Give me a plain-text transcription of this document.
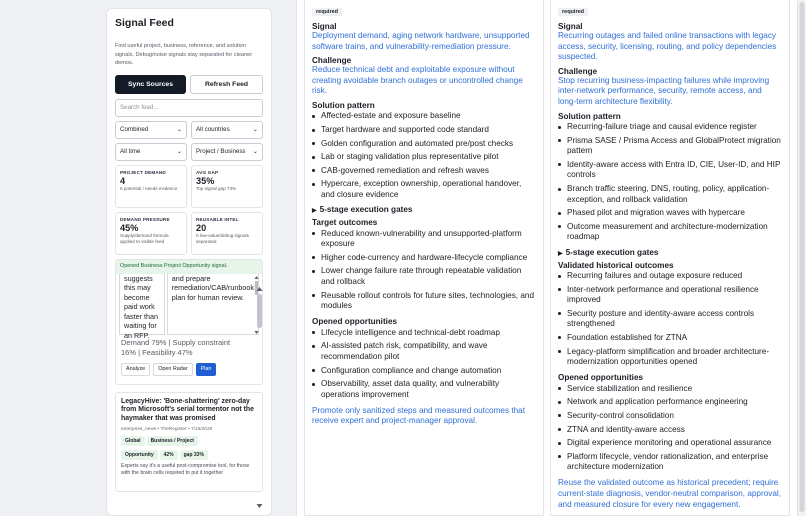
Signal Feed
Find useful project, business, reference, and solution signals. Debug/noise signals stay separated for cleaner demos.
Sync Sources	Refresh Feed
Search feed...
Combined	⌄ All countries	⌄
All time	⌄ Project / Business ⌄
PROJECT DEMAND
4
6 potential / needs evidence
AVG GAP
35%
Top signal gap 73%
DEMAND PRESSURE
45%
Supply/demand formula applied to visible feed
REUSABLE INTEL
20
0 low-value/debug signals separated
Opened Business Project Opportunity signal.
suggests this may become paid work faster than waiting for an RFP.
and prepare remediation/CAB/runbook plan for human review.
Demand 79% | Supply constraint
16% | Feasibility 47%
Analyze	Open Radar	Plan
LegacyHive: 'Bone-shattering' zero-day from Microsoft's serial tormentor not the haymaker that was promised
enterprise_news • TheRegister • 7/15/2026
Global	Business / Project
Opportunity	42%	gap 33%
Experts say it's a useful post-compromise tool, for those with the brain cells required to put it together
required
Signal
Deployment demand, aging network hardware, unsupported software trains, and vulnerability-remediation pressure.
Challenge
Reduce technical debt and exploitable exposure without creating avoidable branch outages or uncontrolled change risk.
Solution pattern
Affected-estate and exposure baseline
Target hardware and supported code standard
Golden configuration and automated pre/post checks
Lab or staging validation plus representative pilot
CAB-governed remediation and refresh waves
Hypercare, exception ownership, operational handover, and closure evidence
▶ 5-stage execution gates
Target outcomes
Reduced known-vulnerability and unsupported-platform exposure
Higher code-currency and hardware-lifecycle compliance
Lower change failure rate through repeatable validation and rollback
Reusable rollout controls for future sites, technologies, and modules
Opened opportunities
Lifecycle intelligence and technical-debt roadmap
AI-assisted patch risk, compatibility, and wave recommendation pilot
Configuration compliance and change automation
Observability, asset data quality, and vulnerability operations improvement
Promote only sanitized steps and measured outcomes that receive expert and project-manager approval.
required
Signal
Recurring outages and failed online transactions with legacy access, security, licensing, routing, and policy dependencies suspected.
Challenge
Stop recurring business-impacting failures while improving inter-network performance, security, remote access, and long-term architecture flexibility.
Solution pattern
Recurring-failure triage and causal evidence register
Prisma SASE / Prisma Access and GlobalProtect migration pattern
Identity-aware access with Entra ID, CIE, User-ID, and HIP controls
Branch traffic steering, DNS, routing, policy, application-exception, and rollback validation
Phased pilot and migration waves with hypercare
Outcome measurement and architecture-modernization roadmap
▶ 5-stage execution gates
Validated historical outcomes
Recurring failures and outage exposure reduced
Inter-network performance and operational resilience improved
Security posture and identity-aware access controls strengthened
Foundation established for ZTNA
Legacy-platform simplification and broader architecture-modernization opportunities opened
Opened opportunities
Service stabilization and resilience
Network and application performance engineering
Security-control consolidation
ZTNA and identity-aware access
Digital experience monitoring and operational assurance
Platform lifecycle, vendor rationalization, and enterprise architecture modernization
Reuse the validated outcome as historical precedent; require current-state diagnosis, vendor-neutral comparison, approval, and measured closure for every new engagement.
